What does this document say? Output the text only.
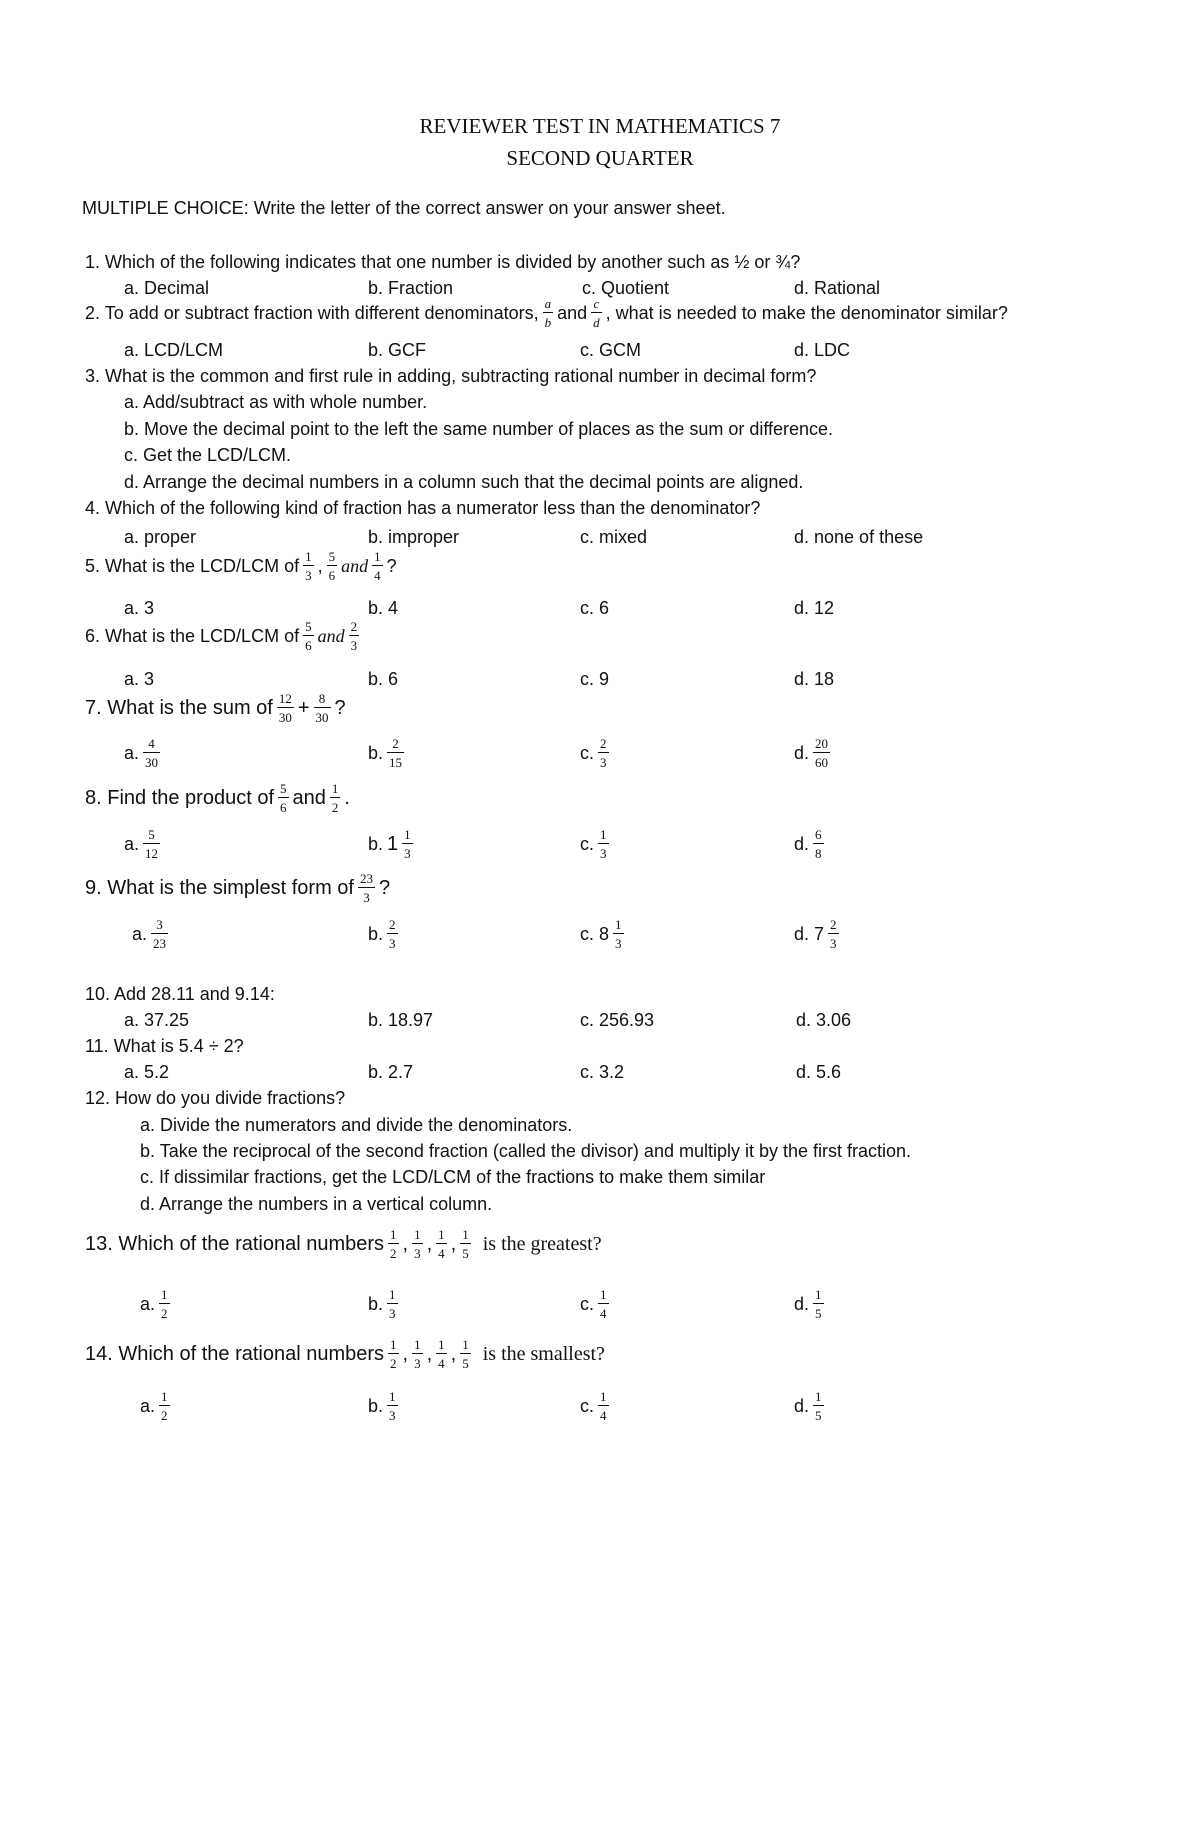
REVIEWER TEST IN MATHEMATICS 7
SECOND QUARTER
MULTIPLE CHOICE: Write the letter of the correct answer on your answer sheet.
1. Which of the following indicates that one number is divided by another such as ½ or ¾?
a. Decimal	b. Fraction	c. Quotient	d. Rational
2. To add or subtract fraction with different denominators, $\frac{a}{b}$ and $\frac{c}{d}$ , what is needed to make the denominator similar?
a. LCD/LCM	b. GCF	c. GCM	d. LDC
3. What is the common and first rule in adding, subtracting rational number in decimal form?
a. Add/subtract as with whole number.
b. Move the decimal point to the left the same number of places as the sum or difference.
c. Get the LCD/LCM.
d. Arrange the decimal numbers in a column such that the decimal points are aligned.
4. Which of the following kind of fraction has a numerator less than the denominator?
a. proper	b. improper	c. mixed	d. none of these
5. What is the LCD/LCM of $\frac{1}{3}$ , $\frac{5}{6}$ and $\frac{1}{4}$ ?
a. 3	b. 4	c. 6	d. 12
6. What is the LCD/LCM of $\frac{5}{6}$ and $\frac{2}{3}$
a. 3	b. 6	c. 9	d. 18
7. What is the sum of $\frac{12}{30} + \frac{8}{30}$ ?
a. $\frac{4}{30}$	b. $\frac{2}{15}$	c. $\frac{2}{3}$	d. $\frac{20}{60}$
8. Find the product of $\frac{5}{6}$ and $\frac{1}{2}$ .
a. $\frac{5}{12}$	b. $1 \frac{1}{3}$	c. $\frac{1}{3}$	d. $\frac{6}{8}$
9. What is the simplest form of $\frac{23}{3}$ ?
a. $\frac{3}{23}$	b. $\frac{2}{3}$	c. $8 \frac{1}{3}$	d. $7 \frac{2}{3}$
10. Add 28.11 and 9.14:
a. 37.25	b. 18.97	c. 256.93	d. 3.06
11. What is 5.4 ÷ 2?
a. 5.2	b. 2.7	c. 3.2	d. 5.6
12. How do you divide fractions?
a. Divide the numerators and divide the denominators.
b. Take the reciprocal of the second fraction (called the divisor) and multiply it by the first fraction.
c. If dissimilar fractions, get the LCD/LCM of the fractions to make them similar
d. Arrange the numbers in a vertical column.
13. Which of the rational numbers $\frac{1}{2}$ , $\frac{1}{3}$ , $\frac{1}{4}$ , $\frac{1}{5}$ is the greatest?
a. $\frac{1}{2}$	b. $\frac{1}{3}$	c. $\frac{1}{4}$	d. $\frac{1}{5}$
14. Which of the rational numbers $\frac{1}{2}$ , $\frac{1}{3}$ , $\frac{1}{4}$ , $\frac{1}{5}$ is the smallest?
a. $\frac{1}{2}$	b. $\frac{1}{3}$	c. $\frac{1}{4}$	d. $\frac{1}{5}$
